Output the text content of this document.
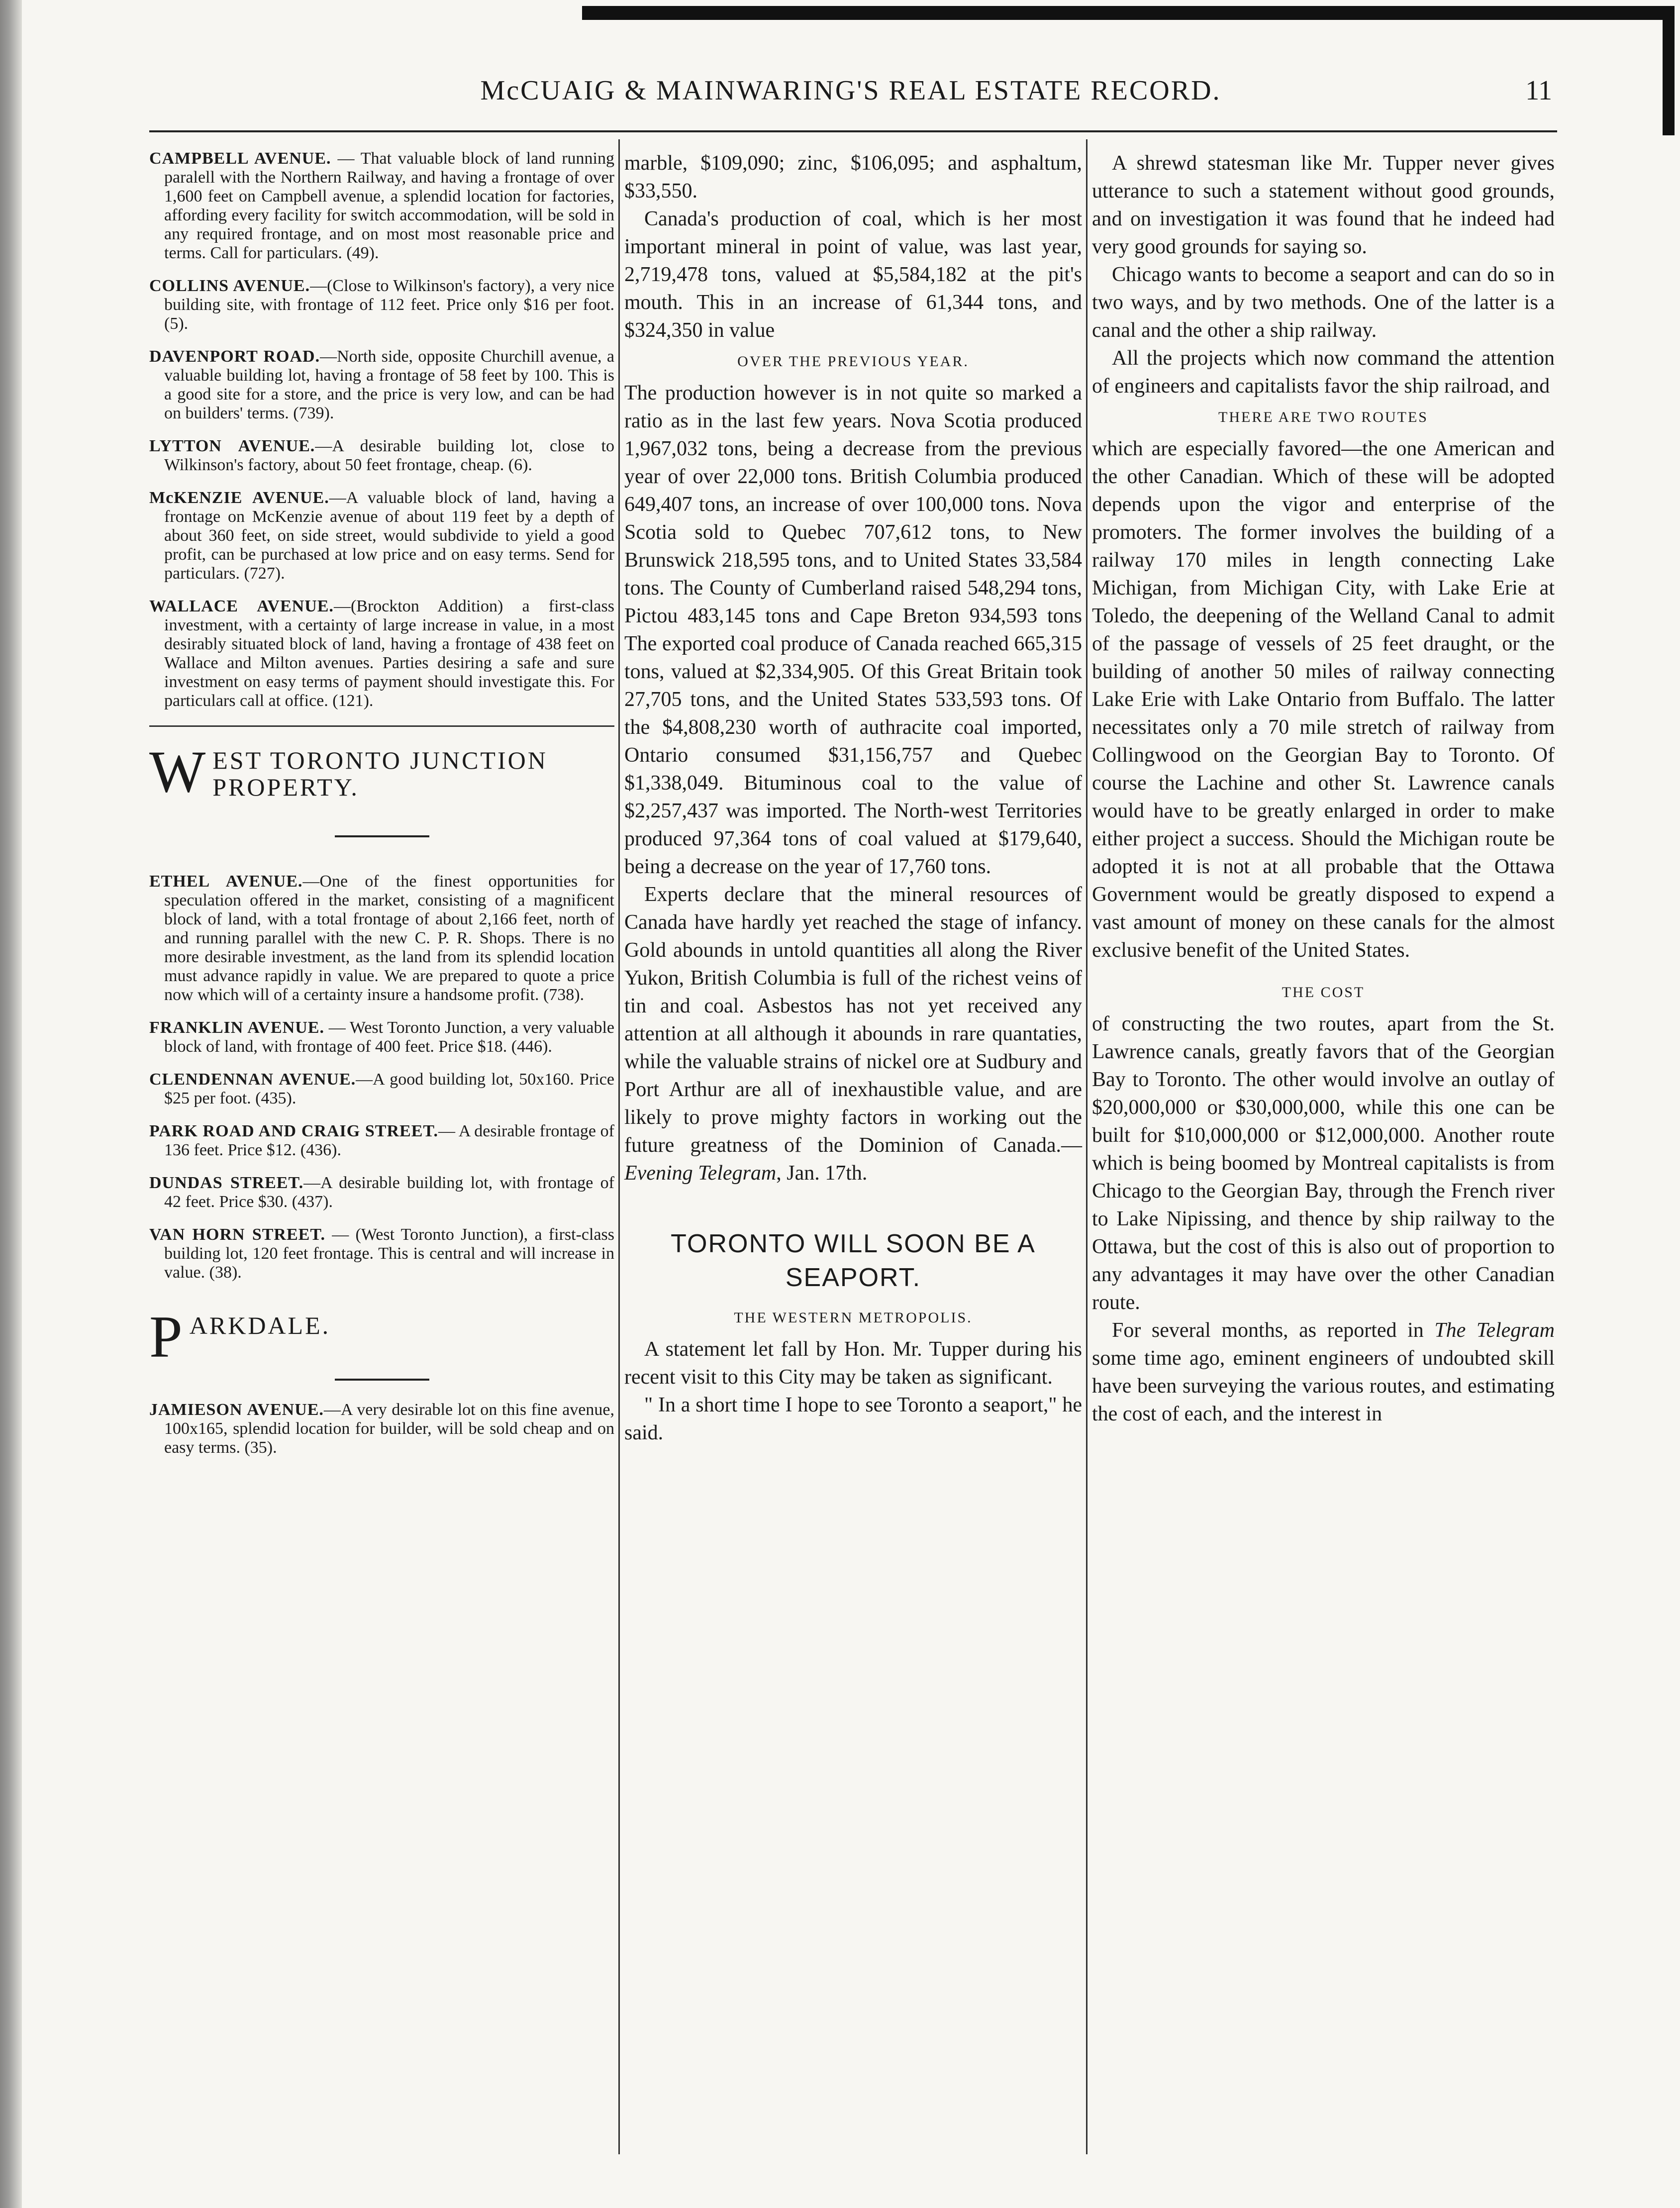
McCUAIG & MAINWARING'S REAL ESTATE RECORD.	11

CAMPBELL AVENUE. — That valuable block of land running paralell with the Northern Railway, and having a frontage of over 1,600 feet on Campbell avenue, a splendid location for factories, affording every facility for switch accommodation, will be sold in any required frontage, and on most most reasonable price and terms. Call for particulars. (49).

COLLINS AVENUE.—(Close to Wilkinson's factory), a very nice building site, with frontage of 112 feet. Price only $16 per foot. (5).

DAVENPORT ROAD.—North side, opposite Churchill avenue, a valuable building lot, having a frontage of 58 feet by 100. This is a good site for a store, and the price is very low, and can be had on builders' terms. (739).

LYTTON AVENUE.—A desirable building lot, close to Wilkinson's factory, about 50 feet frontage, cheap. (6).

McKENZIE AVENUE.—A valuable block of land, having a frontage on McKenzie avenue of about 119 feet by a depth of about 360 feet, on side street, would subdivide to yield a good profit, can be purchased at low price and on easy terms. Send for particulars. (727).

WALLACE AVENUE.—(Brockton Addition) a first-class investment, with a certainty of large increase in value, in a most desirably situated block of land, having a frontage of 438 feet on Wallace and Milton avenues. Parties desiring a safe and sure investment on easy terms of payment should investigate this. For particulars call at office. (121).

W EST TORONTO JUNCTION PROPERTY.

ETHEL AVENUE.—One of the finest opportunities for speculation offered in the market, consisting of a magnificent block of land, with a total frontage of about 2,166 feet, north of and running parallel with the new C. P. R. Shops. There is no more desirable investment, as the land from its splendid location must advance rapidly in value. We are prepared to quote a price now which will of a certainty insure a handsome profit. (738).

FRANKLIN AVENUE. — West Toronto Junction, a very valuable block of land, with frontage of 400 feet. Price $18. (446).

CLENDENNAN AVENUE.—A good building lot, 50x160. Price $25 per foot. (435).

PARK ROAD AND CRAIG STREET.— A desirable frontage of 136 feet. Price $12. (436).

DUNDAS STREET.—A desirable building lot, with frontage of 42 feet. Price $30. (437).

VAN HORN STREET. — (West Toronto Junction), a first-class building lot, 120 feet frontage. This is central and will increase in value. (38).

P ARKDALE.

JAMIESON AVENUE.—A very desirable lot on this fine avenue, 100x165, splendid location for builder, will be sold cheap and on easy terms. (35).

marble, $109,090; zinc, $106,095; and asphaltum, $33,550.

Canada's production of coal, which is her most important mineral in point of value, was last year, 2,719,478 tons, valued at $5,584,182 at the pit's mouth. This in an increase of 61,344 tons, and $324,350 in value

OVER THE PREVIOUS YEAR.

The production however is in not quite so marked a ratio as in the last few years. Nova Scotia produced 1,967,032 tons, being a decrease from the previous year of over 22,000 tons. British Columbia produced 649,407 tons, an increase of over 100,000 tons. Nova Scotia sold to Quebec 707,612 tons, to New Brunswick 218,595 tons, and to United States 33,584 tons. The County of Cumberland raised 548,294 tons, Pictou 483,145 tons and Cape Breton 934,593 tons The exported coal produce of Canada reached 665,315 tons, valued at $2,334,905. Of this Great Britain took 27,705 tons, and the United States 533,593 tons. Of the $4,808,230 worth of authracite coal imported, Ontario consumed $31,156,757 and Quebec $1,338,049. Bituminous coal to the value of $2,257,437 was imported. The North-west Territories produced 97,364 tons of coal valued at $179,640, being a decrease on the year of 17,760 tons.

Experts declare that the mineral resources of Canada have hardly yet reached the stage of infancy. Gold abounds in untold quantities all along the River Yukon, British Columbia is full of the richest veins of tin and coal. Asbestos has not yet received any attention at all although it abounds in rare quantaties, while the valuable strains of nickel ore at Sudbury and Port Arthur are all of inexhaustible value, and are likely to prove mighty factors in working out the future greatness of the Dominion of Canada.—Evening Telegram, Jan. 17th.

TORONTO WILL SOON BE A SEAPORT.
THE WESTERN METROPOLIS.

A statement let fall by Hon. Mr. Tupper during his recent visit to this City may be taken as significant.

" In a short time I hope to see Toronto a seaport," he said.

A shrewd statesman like Mr. Tupper never gives utterance to such a statement without good grounds, and on investigation it was found that he indeed had very good grounds for saying so.

Chicago wants to become a seaport and can do so in two ways, and by two methods. One of the latter is a canal and the other a ship railway.

All the projects which now command the attention of engineers and capitalists favor the ship railroad, and

THERE ARE TWO ROUTES

which are especially favored—the one American and the other Canadian. Which of these will be adopted depends upon the vigor and enterprise of the promoters. The former involves the building of a railway 170 miles in length connecting Lake Michigan, from Michigan City, with Lake Erie at Toledo, the deepening of the Welland Canal to admit of the passage of vessels of 25 feet draught, or the building of another 50 miles of railway connecting Lake Erie with Lake Ontario from Buffalo. The latter necessitates only a 70 mile stretch of railway from Collingwood on the Georgian Bay to Toronto. Of course the Lachine and other St. Lawrence canals would have to be greatly enlarged in order to make either project a success. Should the Michigan route be adopted it is not at all probable that the Ottawa Government would be greatly disposed to expend a vast amount of money on these canals for the almost exclusive benefit of the United States.

THE COST

of constructing the two routes, apart from the St. Lawrence canals, greatly favors that of the Georgian Bay to Toronto. The other would involve an outlay of $20,000,000 or $30,000,000, while this one can be built for $10,000,000 or $12,000,000. Another route which is being boomed by Montreal capitalists is from Chicago to the Georgian Bay, through the French river to Lake Nipissing, and thence by ship railway to the Ottawa, but the cost of this is also out of proportion to any advantages it may have over the other Canadian route.

For several months, as reported in The Telegram some time ago, eminent engineers of undoubted skill have been surveying the various routes, and estimating the cost of each, and the interest in
